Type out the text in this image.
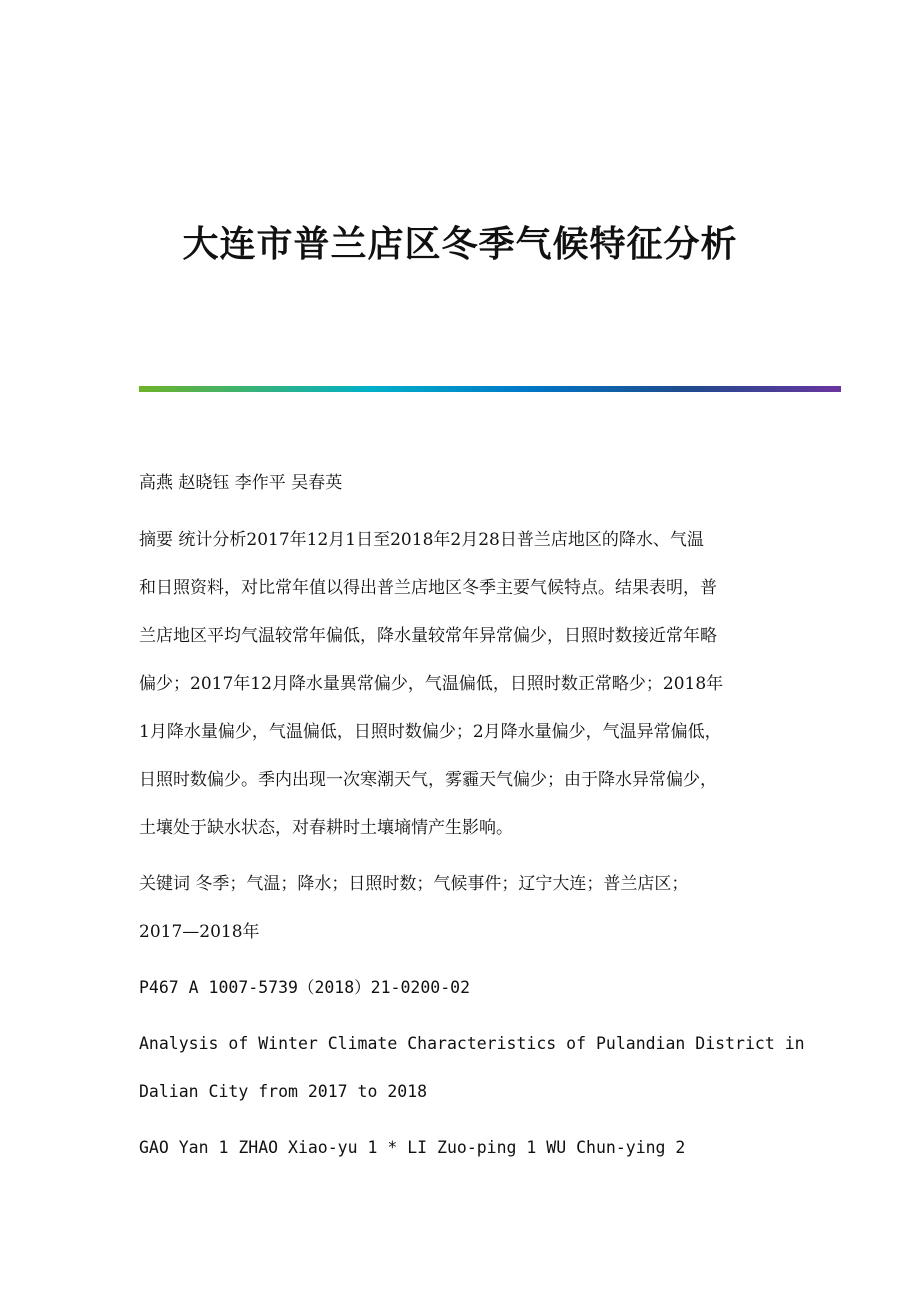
大连市普兰店区冬季气候特征分析
高燕 赵晓钰 李作平 吴春英
摘要 统计分析2017年12月1日至2018年2月28日普兰店地区的降水、气温
和日照资料，对比常年值以得出普兰店地区冬季主要气候特点。结果表明，普
兰店地区平均气温较常年偏低，降水量较常年异常偏少，日照时数接近常年略
偏少；2017年12月降水量異常偏少，气温偏低，日照时数正常略少；2018年
1月降水量偏少，气温偏低，日照时数偏少；2月降水量偏少，气温异常偏低，
日照时数偏少。季内出现一次寒潮天气，雾霾天气偏少；由于降水异常偏少，
土壤处于缺水状态，对春耕时土壤墒情产生影响。
关键词 冬季；气温；降水；日照时数；气候事件；辽宁大连；普兰店区；
2017—2018年
P467 A 1007-5739（2018）21-0200-02
Analysis of Winter Climate Characteristics of Pulandian District in
Dalian City from 2017 to 2018
GAO Yan 1 ZHAO Xiao-yu 1 * LI Zuo-ping 1 WU Chun-ying 2
